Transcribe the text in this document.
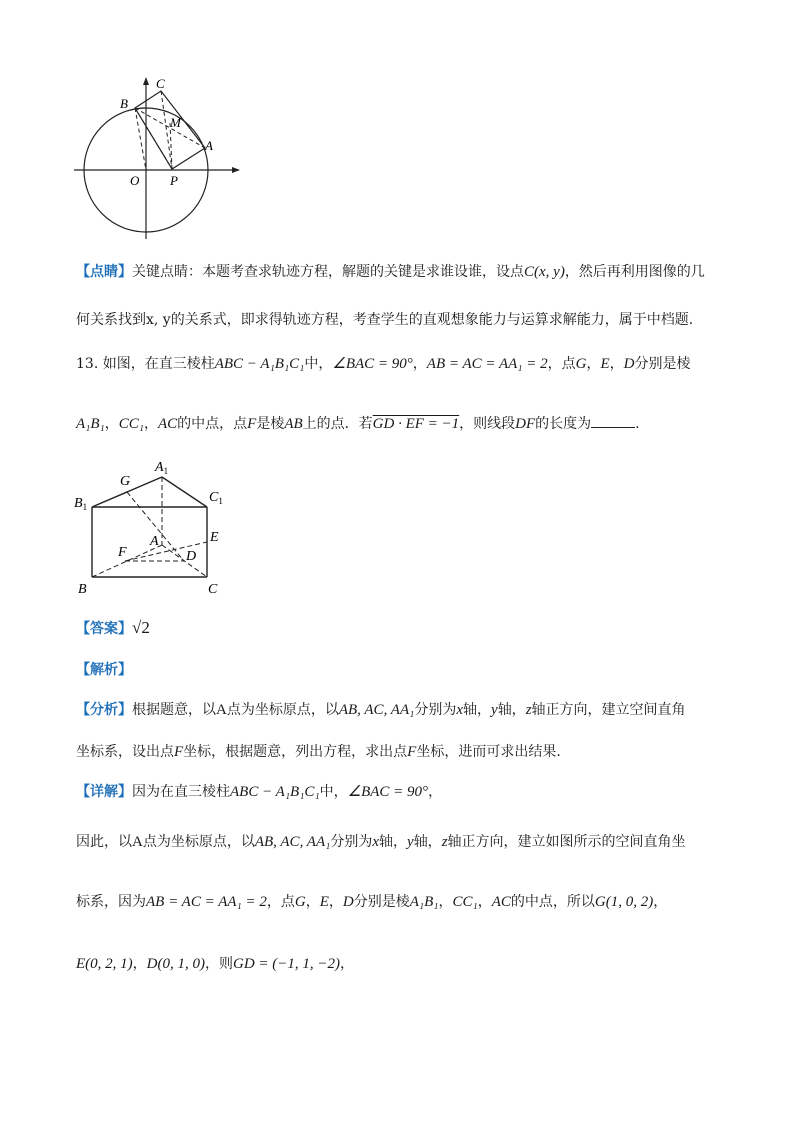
C
B
M
A
O P
【点睛】关键点睛：本题考查求轨迹方程，解题的关键是求谁设谁，设点C(x, y)，然后再利用图像的几
何关系找到x, y的关系式，即求得轨迹方程，考查学生的直观想象能力与运算求解能力，属于中档题.
13. 如图，在直三棱柱ABC − A₁B₁C₁中，∠BAC = 90°，AB = AC = AA₁ = 2，点G，E，D分别是棱
A₁B₁，CC₁，AC的中点，点F是棱AB上的点．若GD · EF = −1，则线段DF的长度为	.
$A_1$
G
$B_1$
$C_1$
A	E
F	D
B	C
【答案】√2
【解析】
【分析】根据题意，以A点为坐标原点，以AB, AC, AA₁分别为x轴，y轴，z轴正方向，建立空间直角
坐标系，设出点F坐标，根据题意，列出方程，求出点F坐标，进而可求出结果.
【详解】因为在直三棱柱ABC − A₁B₁C₁中，∠BAC = 90°，
因此，以A点为坐标原点，以AB, AC, AA₁分别为x轴，y轴，z轴正方向，建立如图所示的空间直角坐
标系，因为AB = AC = AA₁ = 2，点G，E，D分别是棱A₁B₁，CC₁，AC的中点，所以G(1, 0, 2)，
E(0, 2, 1)，D(0, 1, 0)，则GD = (−1, 1, −2)，
